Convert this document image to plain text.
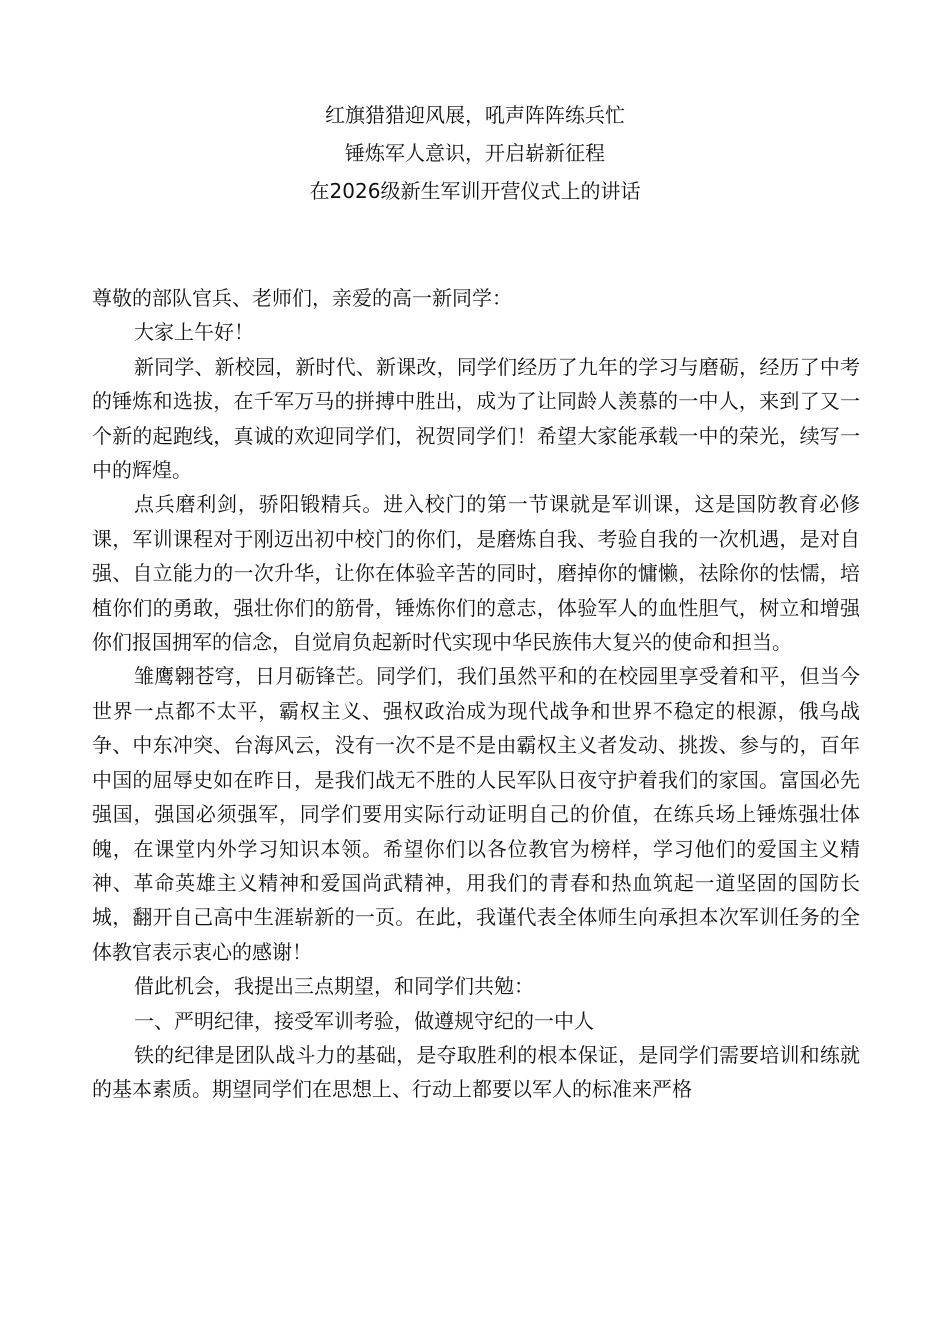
红旗猎猎迎风展，吼声阵阵练兵忙
锤炼军人意识，开启崭新征程
在2026级新生军训开营仪式上的讲话

尊敬的部队官兵、老师们，亲爱的高一新同学：

大家上午好！

新同学、新校园，新时代、新课改，同学们经历了九年的学习与磨砺，经历了中考的锤炼和选拔，在千军万马的拼搏中胜出，成为了让同龄人羡慕的一中人，来到了又一个新的起跑线，真诚的欢迎同学们，祝贺同学们！希望大家能承载一中的荣光，续写一中的辉煌。

点兵磨利剑，骄阳锻精兵。进入校门的第一节课就是军训课，这是国防教育必修课，军训课程对于刚迈出初中校门的你们，是磨炼自我、考验自我的一次机遇，是对自强、自立能力的一次升华，让你在体验辛苦的同时，磨掉你的慵懒，祛除你的怯懦，培植你们的勇敢，强壮你们的筋骨，锤炼你们的意志，体验军人的血性胆气，树立和增强你们报国拥军的信念，自觉肩负起新时代实现中华民族伟大复兴的使命和担当。

雏鹰翱苍穹，日月砺锋芒。同学们，我们虽然平和的在校园里享受着和平，但当今世界一点都不太平，霸权主义、强权政治成为现代战争和世界不稳定的根源，俄乌战争、中东冲突、台海风云，没有一次不是不是由霸权主义者发动、挑拨、参与的，百年中国的屈辱史如在昨日，是我们战无不胜的人民军队日夜守护着我们的家国。富国必先强国，强国必须强军，同学们要用实际行动证明自己的价值，在练兵场上锤炼强壮体魄，在课堂内外学习知识本领。希望你们以各位教官为榜样，学习他们的爱国主义精神、革命英雄主义精神和爱国尚武精神，用我们的青春和热血筑起一道坚固的国防长城，翻开自己高中生涯崭新的一页。在此，我谨代表全体师生向承担本次军训任务的全体教官表示衷心的感谢！

借此机会，我提出三点期望，和同学们共勉：

一、严明纪律，接受军训考验，做遵规守纪的一中人

铁的纪律是团队战斗力的基础，是夺取胜利的根本保证，是同学们需要培训和练就的基本素质。期望同学们在思想上、行动上都要以军人的标准来严格
